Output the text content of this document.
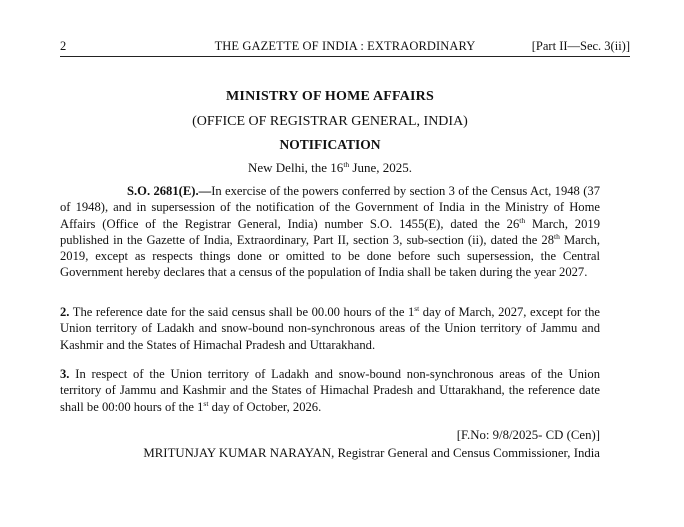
2	THE GAZETTE OF INDIA : EXTRAORDINARY	[Part II—Sec. 3(ii)]
MINISTRY OF HOME AFFAIRS
(OFFICE OF REGISTRAR GENERAL, INDIA)
NOTIFICATION
New Delhi, the 16th June, 2025.
S.O. 2681(E).—In exercise of the powers conferred by section 3 of the Census Act, 1948 (37 of 1948), and in supersession of the notification of the Government of India in the Ministry of Home Affairs (Office of the Registrar General, India) number S.O. 1455(E), dated the 26th March, 2019 published in the Gazette of India, Extraordinary, Part II, section 3, sub-section (ii), dated the 28th March, 2019, except as respects things done or omitted to be done before such supersession, the Central Government hereby declares that a census of the population of India shall be taken during the year 2027.
2. The reference date for the said census shall be 00.00 hours of the 1st day of March, 2027, except for the Union territory of Ladakh and snow-bound non-synchronous areas of the Union territory of Jammu and Kashmir and the States of Himachal Pradesh and Uttarakhand.
3. In respect of the Union territory of Ladakh and snow-bound non-synchronous areas of the Union territory of Jammu and Kashmir and the States of Himachal Pradesh and Uttarakhand, the reference date shall be 00:00 hours of the 1st day of October, 2026.
[F.No: 9/8/2025- CD (Cen)]
MRITUNJAY KUMAR NARAYAN, Registrar General and Census Commissioner, India
